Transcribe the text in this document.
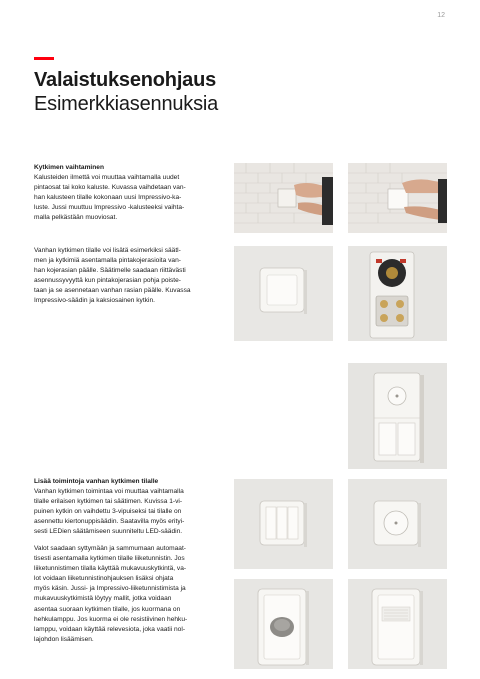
12
Valaistuksenohjaus
Esimerkkiasennuksia
Kytkimen vaihtaminen

Kalusteiden ilmettä voi muuttaa vaihtamalla uudet
pintaosat tai koko kaluste. Kuvassa vaihdetaan van-
han kalusteen tilalle kokonaan uusi Impressivo-ka-
luste. Jussi muuttuu Impressivo -kalusteeksi vaihta-
malla pelkästään muoviosat.

Vanhan kytkimen tilalle voi lisätä esimerkiksi säätl-
men ja kytkimiä asentamalla pintakojerasioita van-
han kojerasian päälle. Säätimelle saadaan riittävästi
asennussyvyyttä kun pintakojerasian pohja poiste-
taan ja se asennetaan vanhan rasian päälle. Kuvassa
Impressivo-säädin ja kaksiosainen kytkin.

Lisää toimintoja vanhan kytkimen tilalle

Vanhan kytkimen toimintaa voi muuttaa vaihtamalla
tilalle erilaisen kytkimen tai säätimen. Kuvissa 1-vi-
puinen kytkin on vaihdettu 3-vipuiseksi tai tilalle on
asennettu kiertonuppisäädin. Saatavilla myös erityi-
sesti LEDien säätämiseen suunniteltu LED-säädin.

Valot saadaan syttymään ja sammumaan automaat-
tisesti asentamalla kytkimen tilalle liiketunnistin. Jos
liiketunnistimen tilalla käyttää mukavuuskytkintä, va-
lot voidaan liiketunnistinohjauksen lisäksi ohjata
myös käsin. Jussi- ja Impressivo-liiketunnistimista ja
mukavuuskytkimistä löytyy mallit, jotka voidaan
asentaa suoraan kytkimen tilalle, jos kuormana on
hehkulamppu. Jos kuorma ei ole resistiivinen hehku-
lamppu, voidaan käyttää relevesiota, joka vaatii nol-
lajohdon lisäämisen.
